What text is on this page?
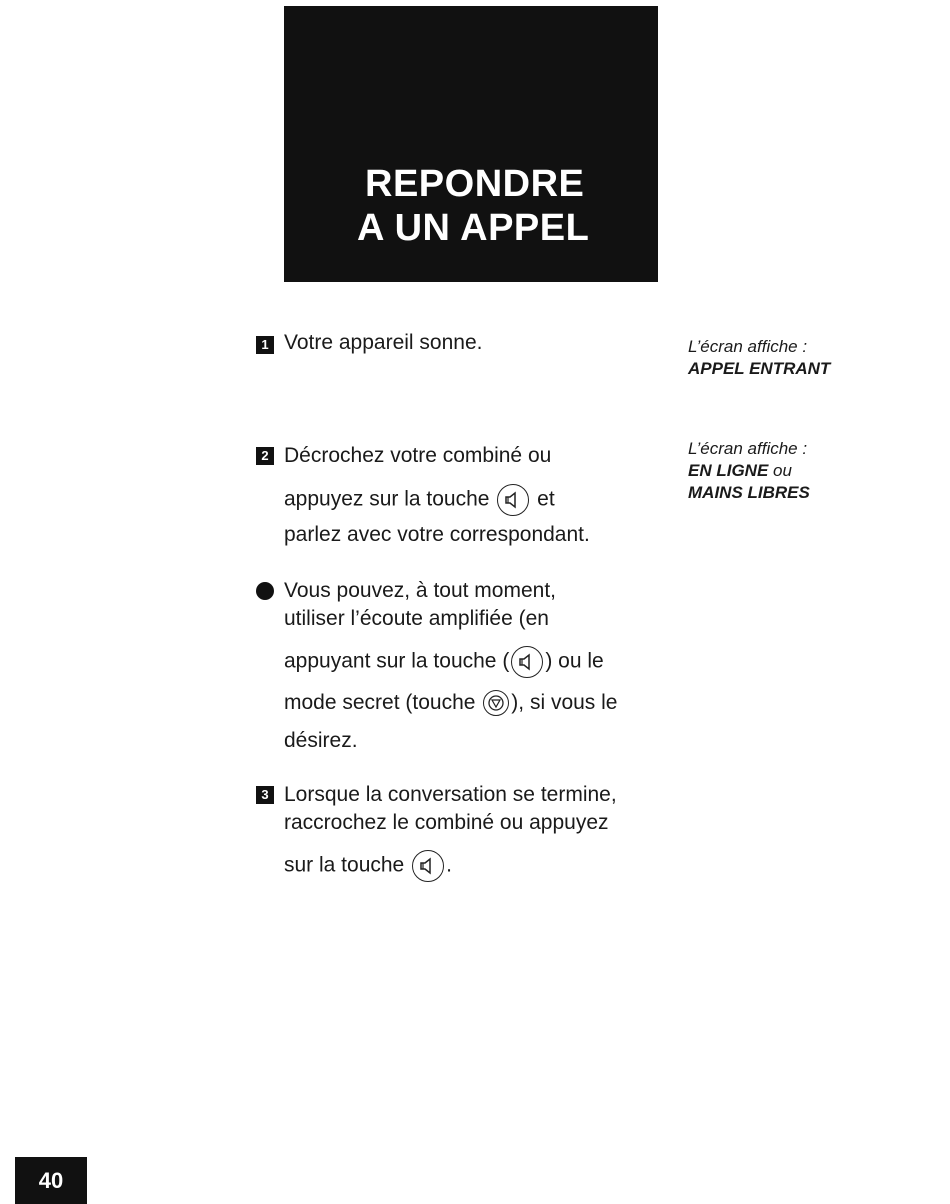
REPONDRE
A UN APPEL
1 Votre appareil sonne.
2 Décrochez votre combiné ou
appuyez sur la touche et
parlez avec votre correspondant.
Vous pouvez, à tout moment,
utiliser l’écoute amplifiée (en
appuyant sur la touche ( ) ou le
mode secret (touche ), si vous le
désirez.
3 Lorsque la conversation se termine,
raccrochez le combiné ou appuyez
sur la touche .
L’écran affiche :
APPEL ENTRANT
L’écran affiche :
EN LIGNE ou
MAINS LIBRES
40
